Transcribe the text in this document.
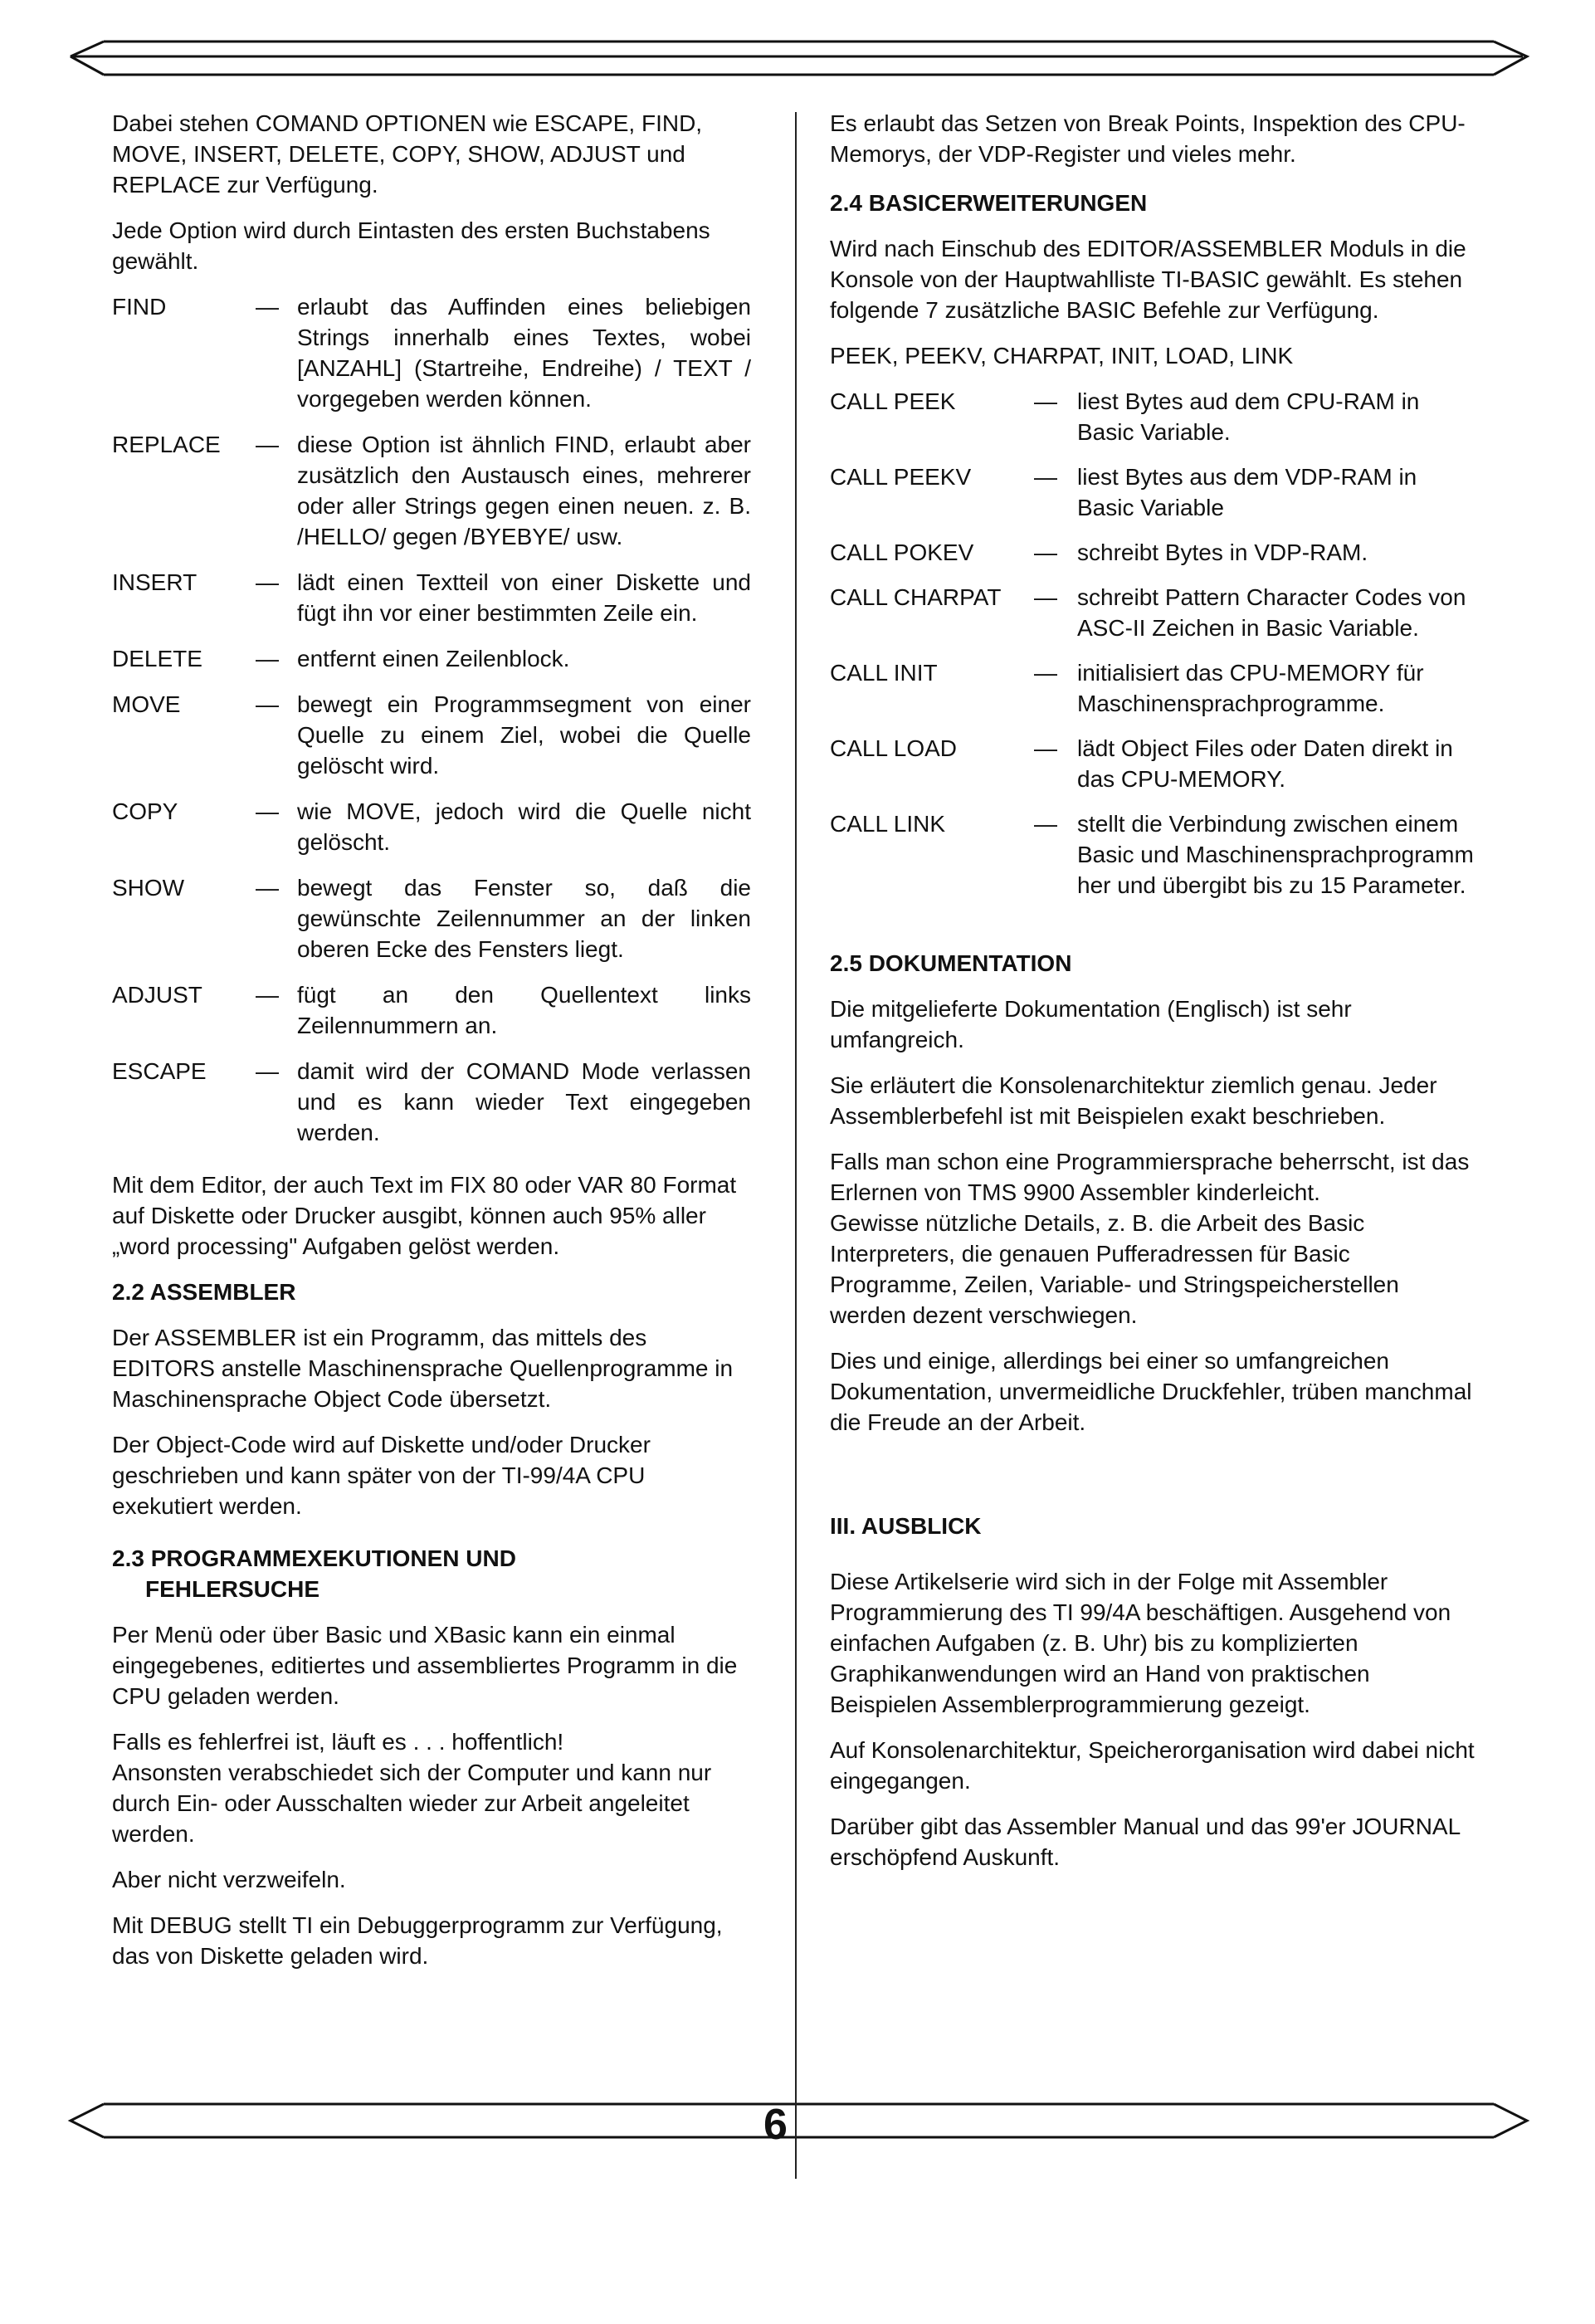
Dabei stehen COMAND OPTIONEN wie ESCAPE, FIND, MOVE, INSERT, DELETE, COPY, SHOW, ADJUST und REPLACE zur Verfügung.

Jede Option wird durch Eintasten des ersten Buchstabens gewählt.

FIND	— erlaubt das Auffinden eines beliebigen Strings innerhalb eines Textes, wobei [ANZAHL] (Startreihe, Endreihe) / TEXT / vorgegeben werden können.
REPLACE	— diese Option ist ähnlich FIND, erlaubt aber zusätzlich den Austausch eines, mehrerer oder aller Strings gegen einen neuen. z. B. /HELLO/ gegen /BYEBYE/ usw.
INSERT	— lädt einen Textteil von einer Diskette und fügt ihn vor einer bestimmten Zeile ein.
DELETE	— entfernt einen Zeilenblock.
MOVE	— bewegt ein Programmsegment von einer Quelle zu einem Ziel, wobei die Quelle gelöscht wird.
COPY	— wie MOVE, jedoch wird die Quelle nicht gelöscht.
SHOW	— bewegt das Fenster so, daß die gewünschte Zeilennummer an der linken oberen Ecke des Fensters liegt.
ADJUST	— fügt an den Quellentext links Zeilennummern an.
ESCAPE	— damit wird der COMAND Mode verlassen und es kann wieder Text eingegeben werden.

Mit dem Editor, der auch Text im FIX 80 oder VAR 80 Format auf Diskette oder Drucker ausgibt, können auch 95% aller „word processing" Aufgaben gelöst werden.

2.2 ASSEMBLER

Der ASSEMBLER ist ein Programm, das mittels des EDITORS anstelle Maschinensprache Quellenprogramme in Maschinensprache Object Code übersetzt.

Der Object-Code wird auf Diskette und/oder Drucker geschrieben und kann später von der TI-99/4A CPU exekutiert werden.

2.3 PROGRAMMEXEKUTIONEN UND
FEHLERSUCHE

Per Menü oder über Basic und XBasic kann ein einmal eingegebenes, editiertes und assembliertes Programm in die CPU geladen werden.

Falls es fehlerfrei ist, läuft es . . . hoffentlich!
Ansonsten verabschiedet sich der Computer und kann nur durch Ein- oder Ausschalten wieder zur Arbeit angeleitet werden.

Aber nicht verzweifeln.

Mit DEBUG stellt TI ein Debuggerprogramm zur Verfügung, das von Diskette geladen wird.

Es erlaubt das Setzen von Break Points, Inspektion des CPU-Memorys, der VDP-Register und vieles mehr.

2.4 BASICERWEITERUNGEN

Wird nach Einschub des EDITOR/ASSEMBLER Moduls in die Konsole von der Hauptwahlliste TI-BASIC gewählt. Es stehen folgende 7 zusätzliche BASIC Befehle zur Verfügung.

PEEK, PEEKV, CHARPAT, INIT, LOAD, LINK

CALL PEEK	— liest Bytes aud dem CPU-RAM in Basic Variable.
CALL PEEKV	— liest Bytes aus dem VDP-RAM in Basic Variable
CALL POKEV	— schreibt Bytes in VDP-RAM.
CALL CHARPAT	— schreibt Pattern Character Codes von ASC-II Zeichen in Basic Variable.
CALL INIT	— initialisiert das CPU-MEMORY für Maschinensprachprogramme.
CALL LOAD	— lädt Object Files oder Daten direkt in das CPU-MEMORY.
CALL LINK	— stellt die Verbindung zwischen einem Basic und Maschinensprachprogramm her und übergibt bis zu 15 Parameter.
2.5 DOKUMENTATION

Die mitgelieferte Dokumentation (Englisch) ist sehr umfangreich.

Sie erläutert die Konsolenarchitektur ziemlich genau. Jeder Assemblerbefehl ist mit Beispielen exakt beschrieben.

Falls man schon eine Programmiersprache beherrscht, ist das Erlernen von TMS 9900 Assembler kinderleicht.
Gewisse nützliche Details, z. B. die Arbeit des Basic Interpreters, die genauen Pufferadressen für Basic Programme, Zeilen, Variable- und Stringspeicherstellen werden dezent verschwiegen.

Dies und einige, allerdings bei einer so umfangreichen Dokumentation, unvermeidliche Druckfehler, trüben manchmal die Freude an der Arbeit.

III. AUSBLICK

Diese Artikelserie wird sich in der Folge mit Assembler Programmierung des TI 99/4A beschäftigen. Ausgehend von einfachen Aufgaben (z. B. Uhr) bis zu komplizierten Graphikanwendungen wird an Hand von praktischen Beispielen Assemblerprogrammierung gezeigt.

Auf Konsolenarchitektur, Speicherorganisation wird dabei nicht eingegangen.

Darüber gibt das Assembler Manual und das 99'er JOURNAL erschöpfend Auskunft.

6
